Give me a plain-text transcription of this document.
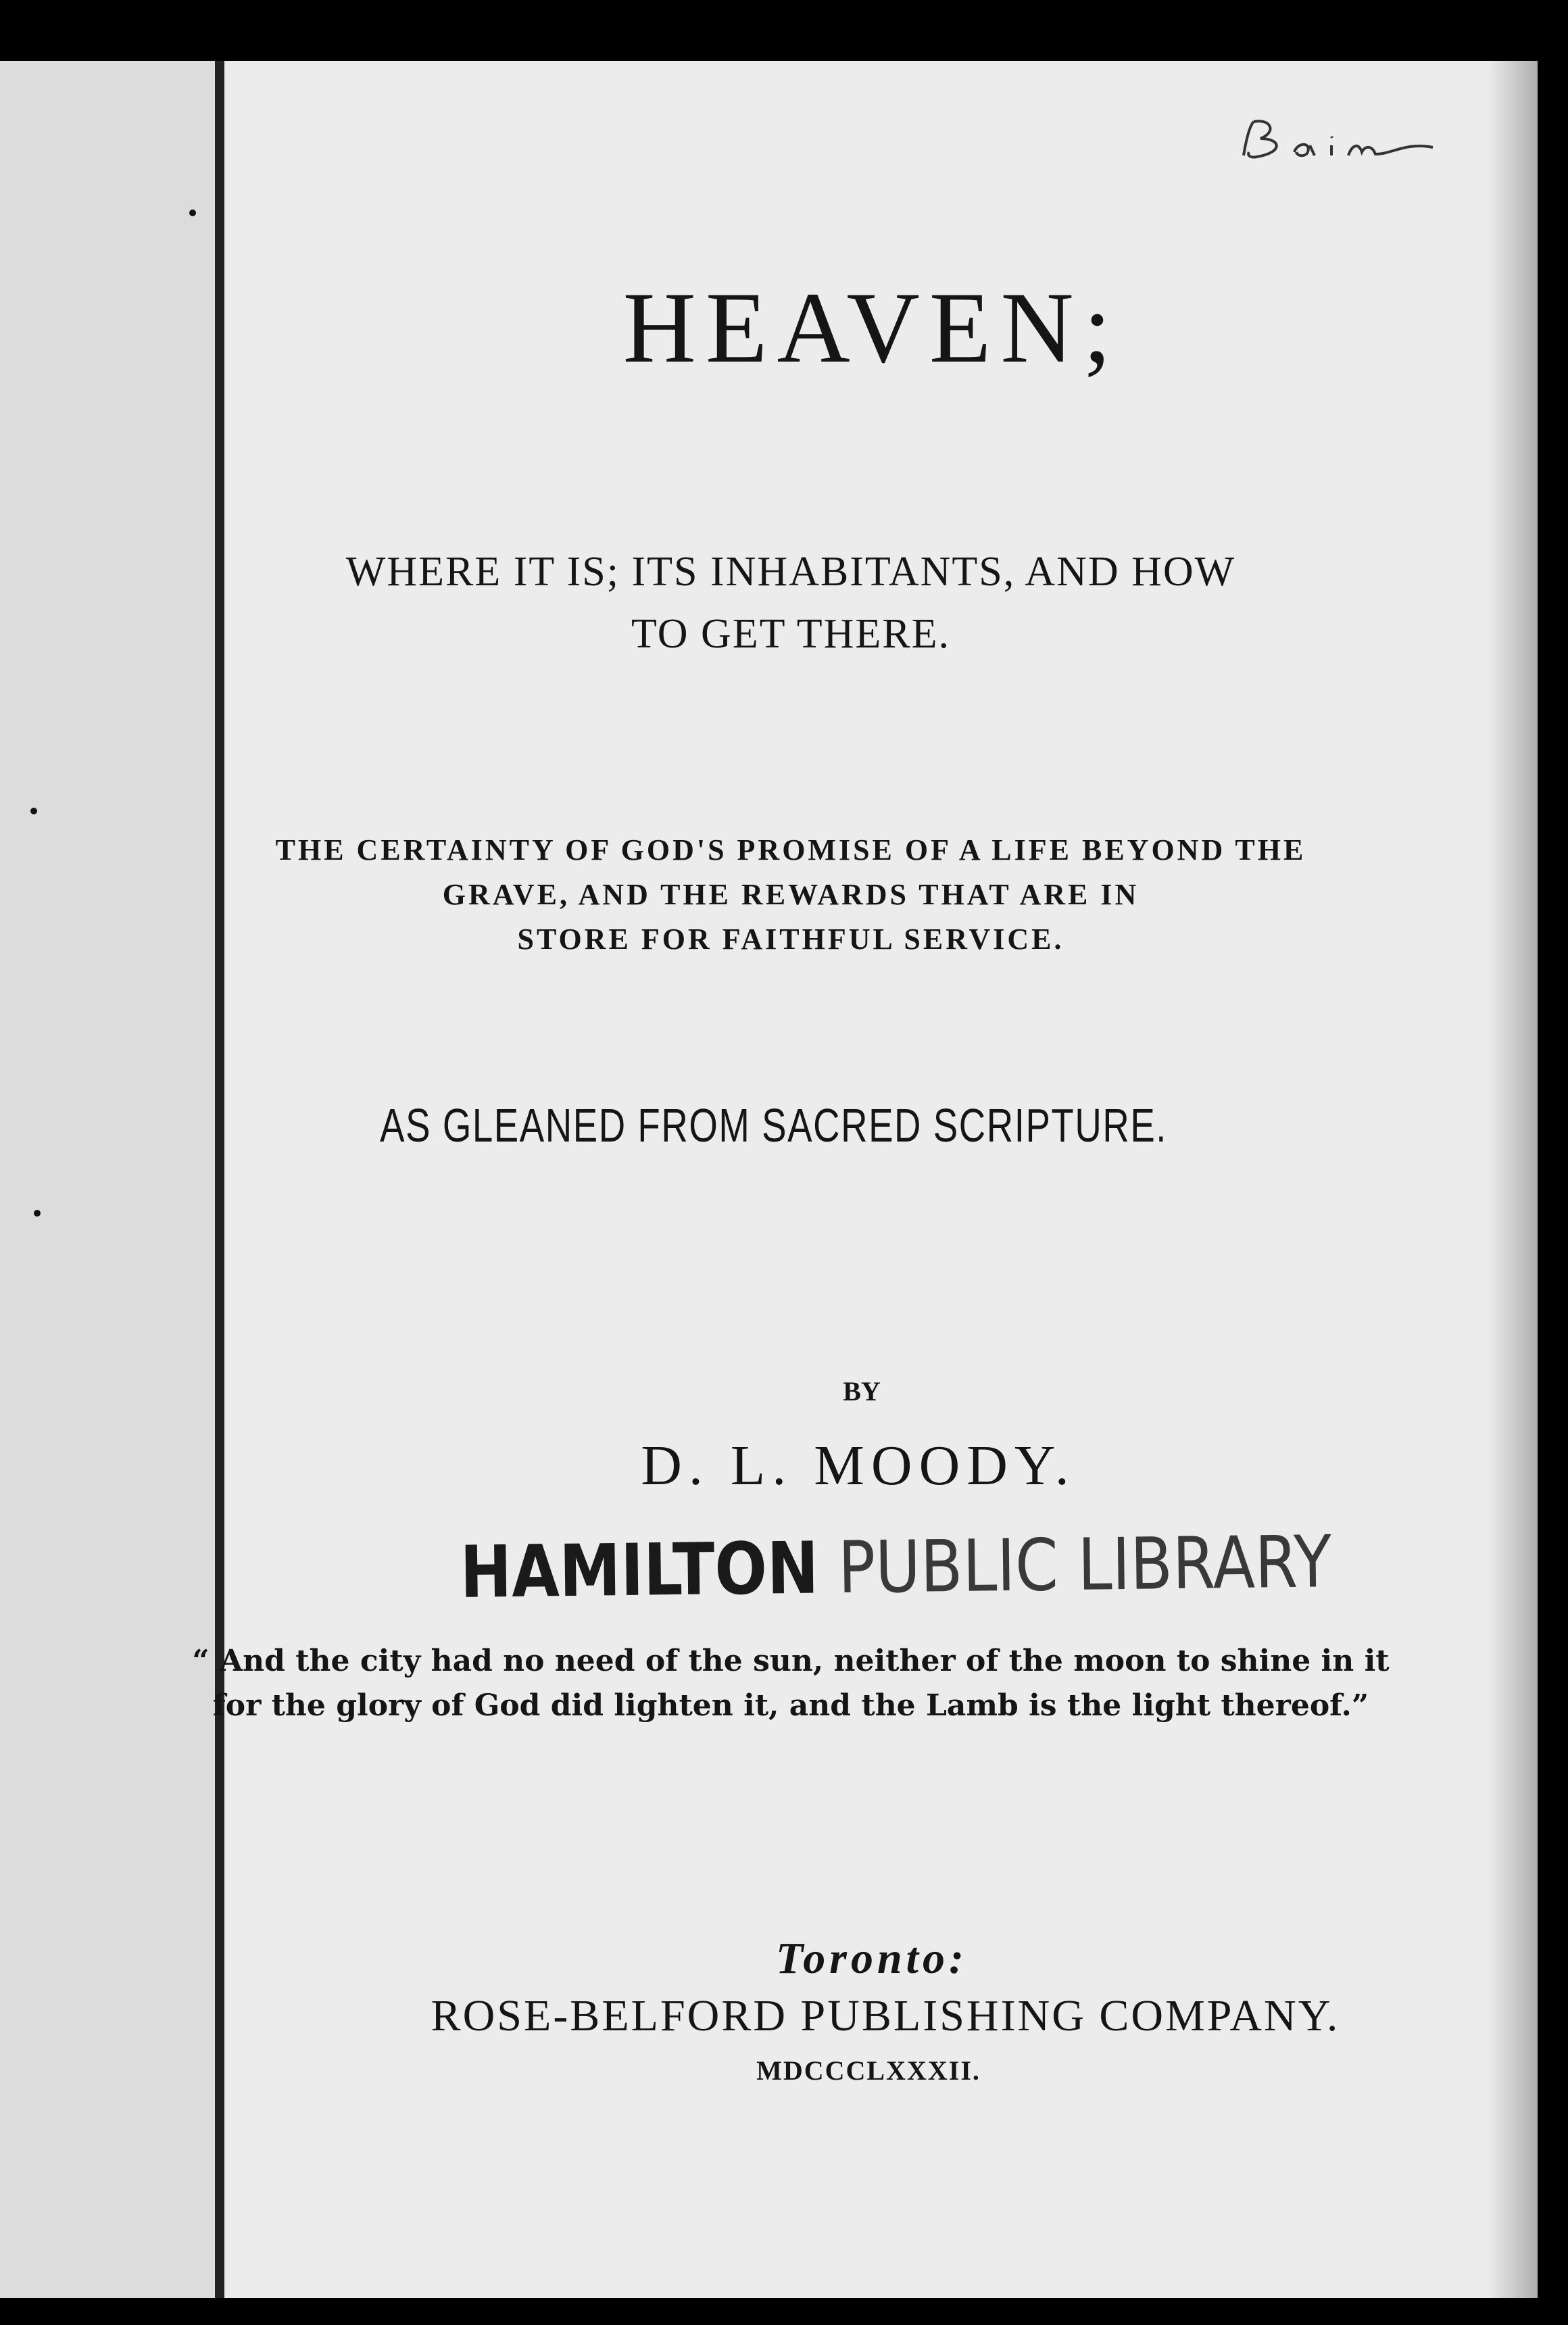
HEAVEN;
WHERE IT IS; ITS INHABITANTS, AND HOW
TO GET THERE.
THE CERTAINTY OF GOD'S PROMISE OF A LIFE BEYOND THE
GRAVE, AND THE REWARDS THAT ARE IN
STORE FOR FAITHFUL SERVICE.
AS GLEANED FROM SACRED SCRIPTURE.
BY
D. L. MOODY.
HAMILTON PUBLIC LIBRARY
“ And the city had no need of the sun, neither of the moon to shine in it
for the glory of God did lighten it, and the Lamb is the light thereof.”
Toronto:
ROSE-BELFORD PUBLISHING COMPANY.
MDCCCLXXXII.
